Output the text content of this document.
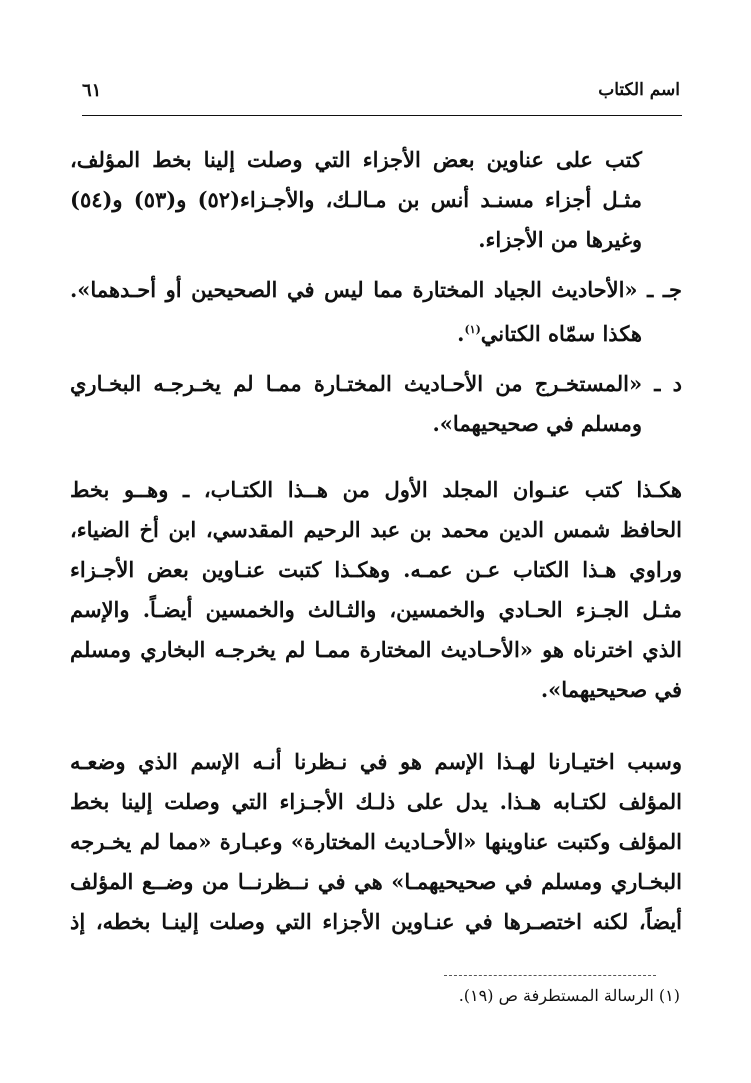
اسم الكتاب
٦١
كتب على عناوين بعض الأجزاء التي وصلت إلينا بخط المؤلف،
مثـل أجزاء مسنـد أنس بن مـالـك، والأجـزاء(٥٢) و(٥٣) و(٥٤)
وغيرها من الأجزاء.
جـ ـ «الأحاديث الجياد المختارة مما ليس في الصحيحين أو أحـدهما».
هكذا سمّاه الكتاني$^{(١)}$.
د ـ «المستخـرج من الأحـاديث المختـارة ممـا لم يخـرجـه البخـاري
ومسلم في صحيحيهما».
هكـذا كتب عنـوان المجلد الأول من هــذا الكتـاب، ـ وهــو بخط
الحافظ شمس الدين محمد بن عبد الرحيم المقدسي، ابن أخ الضياء،
وراوي هـذا الكتاب عـن عمـه. وهكـذا كتبت عنـاوين بعض الأجـزاء
مثـل الجـزء الحـادي والخمسين، والثـالث والخمسين أيضـاً. والإسم
الذي اخترناه هو «الأحـاديث المختارة ممـا لم يخرجـه البخاري ومسلم
في صحيحيهما».
وسبب اختيـارنا لهـذا الإسم هو في نـظرنا أنـه الإسم الذي وضعـه
المؤلف لكتـابه هـذا. يدل على ذلـك الأجـزاء التي وصلت إلينا بخط
المؤلف وكتبت عناوينها «الأحـاديث المختارة» وعبـارة «مما لم يخـرجه
البخـاري ومسلم في صحيحيهمـا» هي في نــظرنــا من وضــع المؤلف
أيضاً، لكنه اختصـرها في عنـاوين الأجزاء التي وصلت إلينـا بخطه، إذ
(١) الرسالة المستطرفة ص (١٩).
